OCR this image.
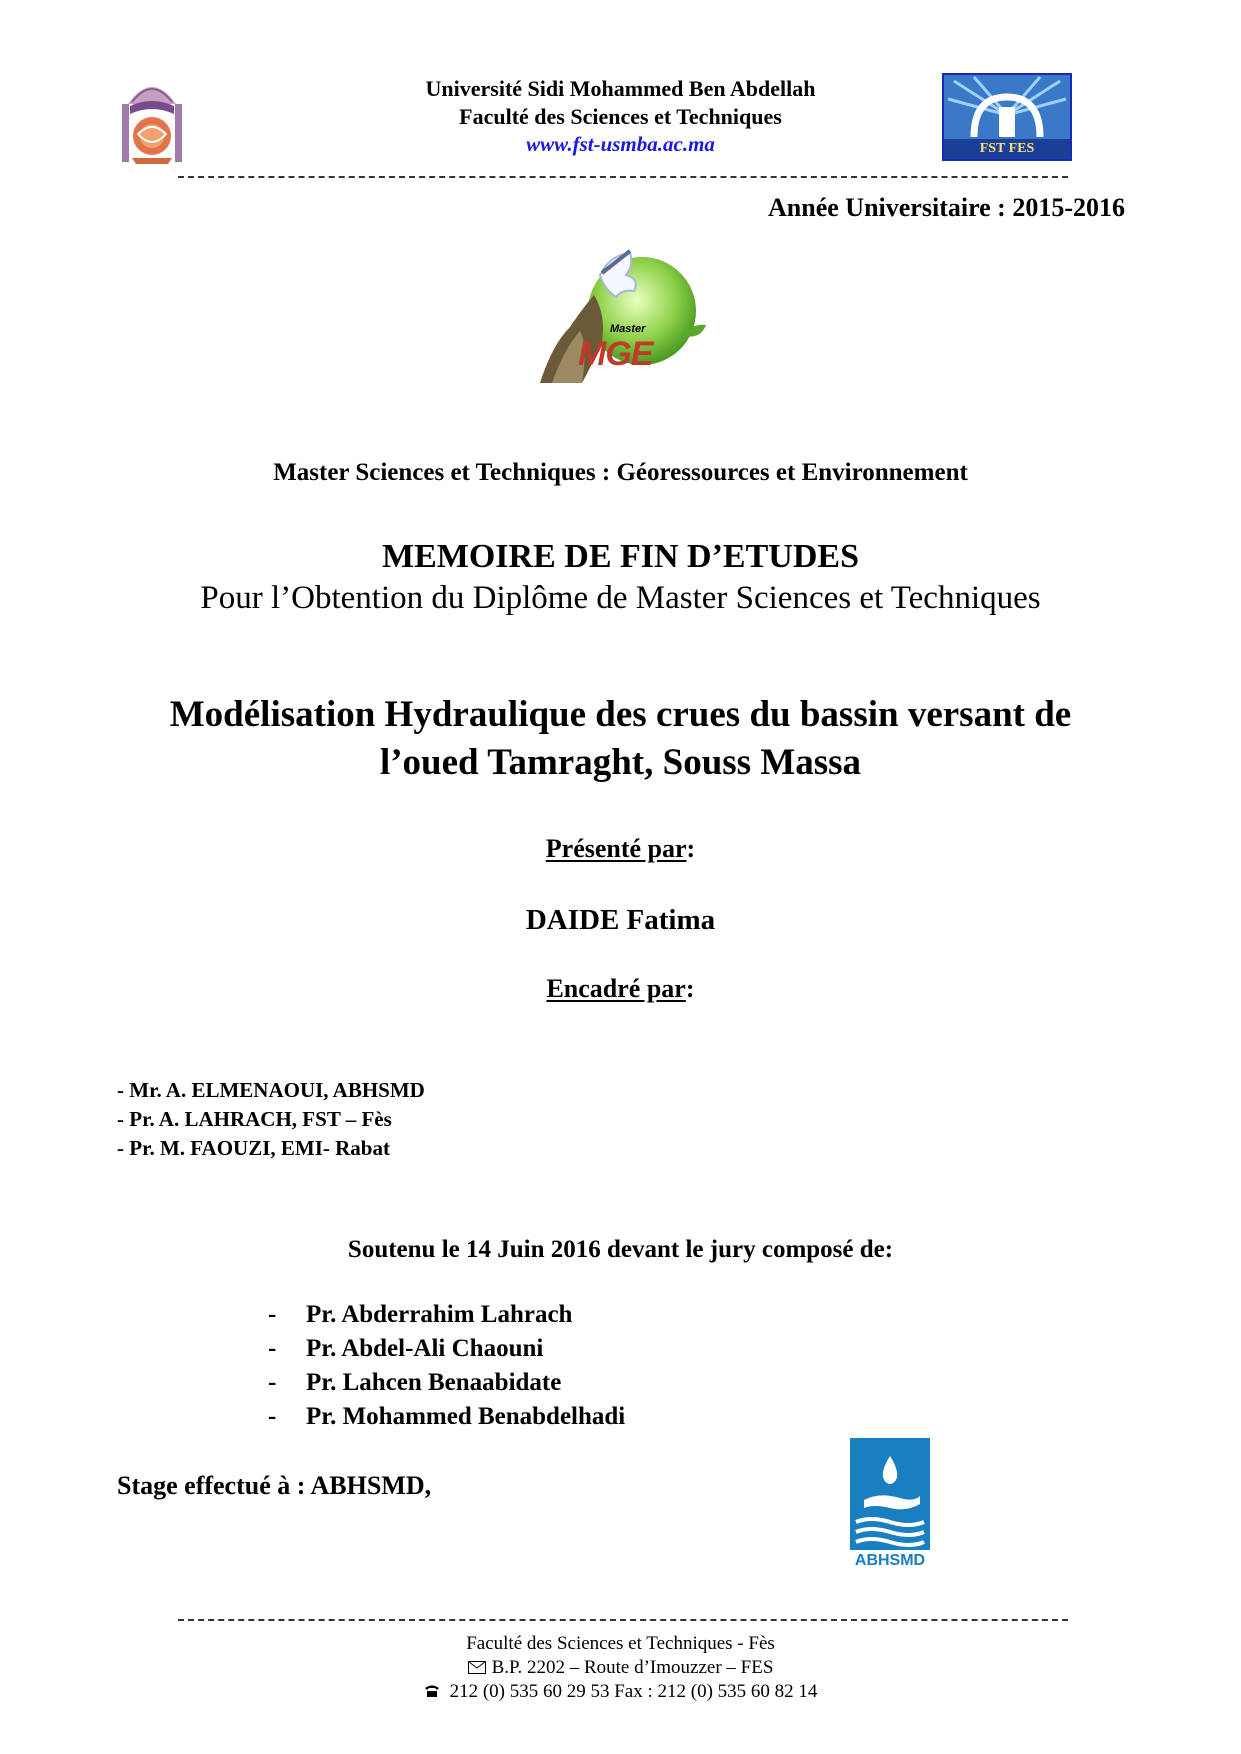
Université Sidi Mohammed Ben Abdellah
Faculté des Sciences et Techniques
www.fst-usmba.ac.ma	FST FES
Année Universitaire : 2015-2016
Master
MGE
Master Sciences et Techniques : Géoressources et Environnement
MEMOIRE DE FIN D’ETUDES
Pour l’Obtention du Diplôme de Master Sciences et Techniques
Modélisation Hydraulique des crues du bassin versant de
l’oued Tamraght, Souss Massa
Présenté par:
DAIDE Fatima
Encadré par:
- Mr. A. ELMENAOUI, ABHSMD
- Pr. A. LAHRACH, FST – Fès
- Pr. M. FAOUZI, EMI- Rabat
Soutenu le 14 Juin 2016 devant le jury composé de:
- Pr. Abderrahim Lahrach
- Pr. Abdel-Ali Chaouni
- Pr. Lahcen Benaabidate
- Pr. Mohammed Benabdelhadi
Stage effectué à : ABHSMD,
ABHSMD
Faculté des Sciences et Techniques - Fès
B.P. 2202 – Route d’Imouzzer – FES
212 (0) 535 60 29 53 Fax : 212 (0) 535 60 82 14
